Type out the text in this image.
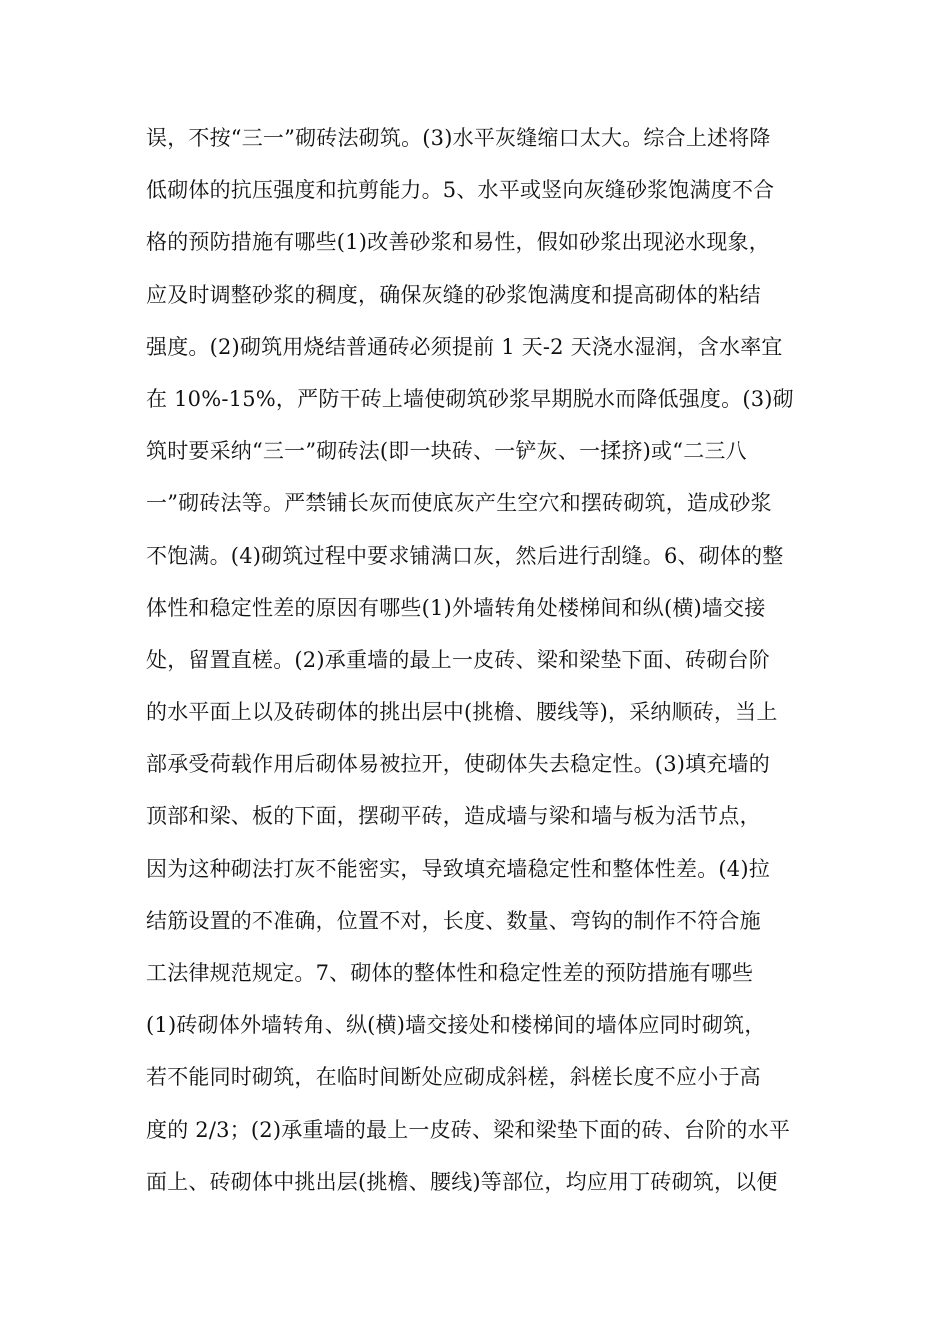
误，不按“三一”砌砖法砌筑。(3)水平灰缝缩口太大。综合上述将降
低砌体的抗压强度和抗剪能力。5、水平或竖向灰缝砂浆饱满度不合
格的预防措施有哪些(1)改善砂浆和易性，假如砂浆出现泌水现象，
应及时调整砂浆的稠度，确保灰缝的砂浆饱满度和提高砌体的粘结
强度。(2)砌筑用烧结普通砖必须提前 1 天-2 天浇水湿润，含水率宜
在 10%-15%，严防干砖上墙使砌筑砂浆早期脱水而降低强度。(3)砌
筑时要采纳“三一”砌砖法(即一块砖、一铲灰、一揉挤)或“二三八
一”砌砖法等。严禁铺长灰而使底灰产生空穴和摆砖砌筑，造成砂浆
不饱满。(4)砌筑过程中要求铺满口灰，然后进行刮缝。6、砌体的整
体性和稳定性差的原因有哪些(1)外墙转角处楼梯间和纵(横)墙交接
处，留置直槎。(2)承重墙的最上一皮砖、梁和梁垫下面、砖砌台阶
的水平面上以及砖砌体的挑出层中(挑檐、腰线等)，采纳顺砖，当上
部承受荷载作用后砌体易被拉开，使砌体失去稳定性。(3)填充墙的
顶部和梁、板的下面，摆砌平砖，造成墙与梁和墙与板为活节点，
因为这种砌法打灰不能密实，导致填充墙稳定性和整体性差。(4)拉
结筋设置的不准确，位置不对，长度、数量、弯钩的制作不符合施
工法律规范规定。7、砌体的整体性和稳定性差的预防措施有哪些
(1)砖砌体外墙转角、纵(横)墙交接处和楼梯间的墙体应同时砌筑，
若不能同时砌筑，在临时间断处应砌成斜槎，斜槎长度不应小于高
度的 2/3；(2)承重墙的最上一皮砖、梁和梁垫下面的砖、台阶的水平
面上、砖砌体中挑出层(挑檐、腰线)等部位，均应用丁砖砌筑，以便
